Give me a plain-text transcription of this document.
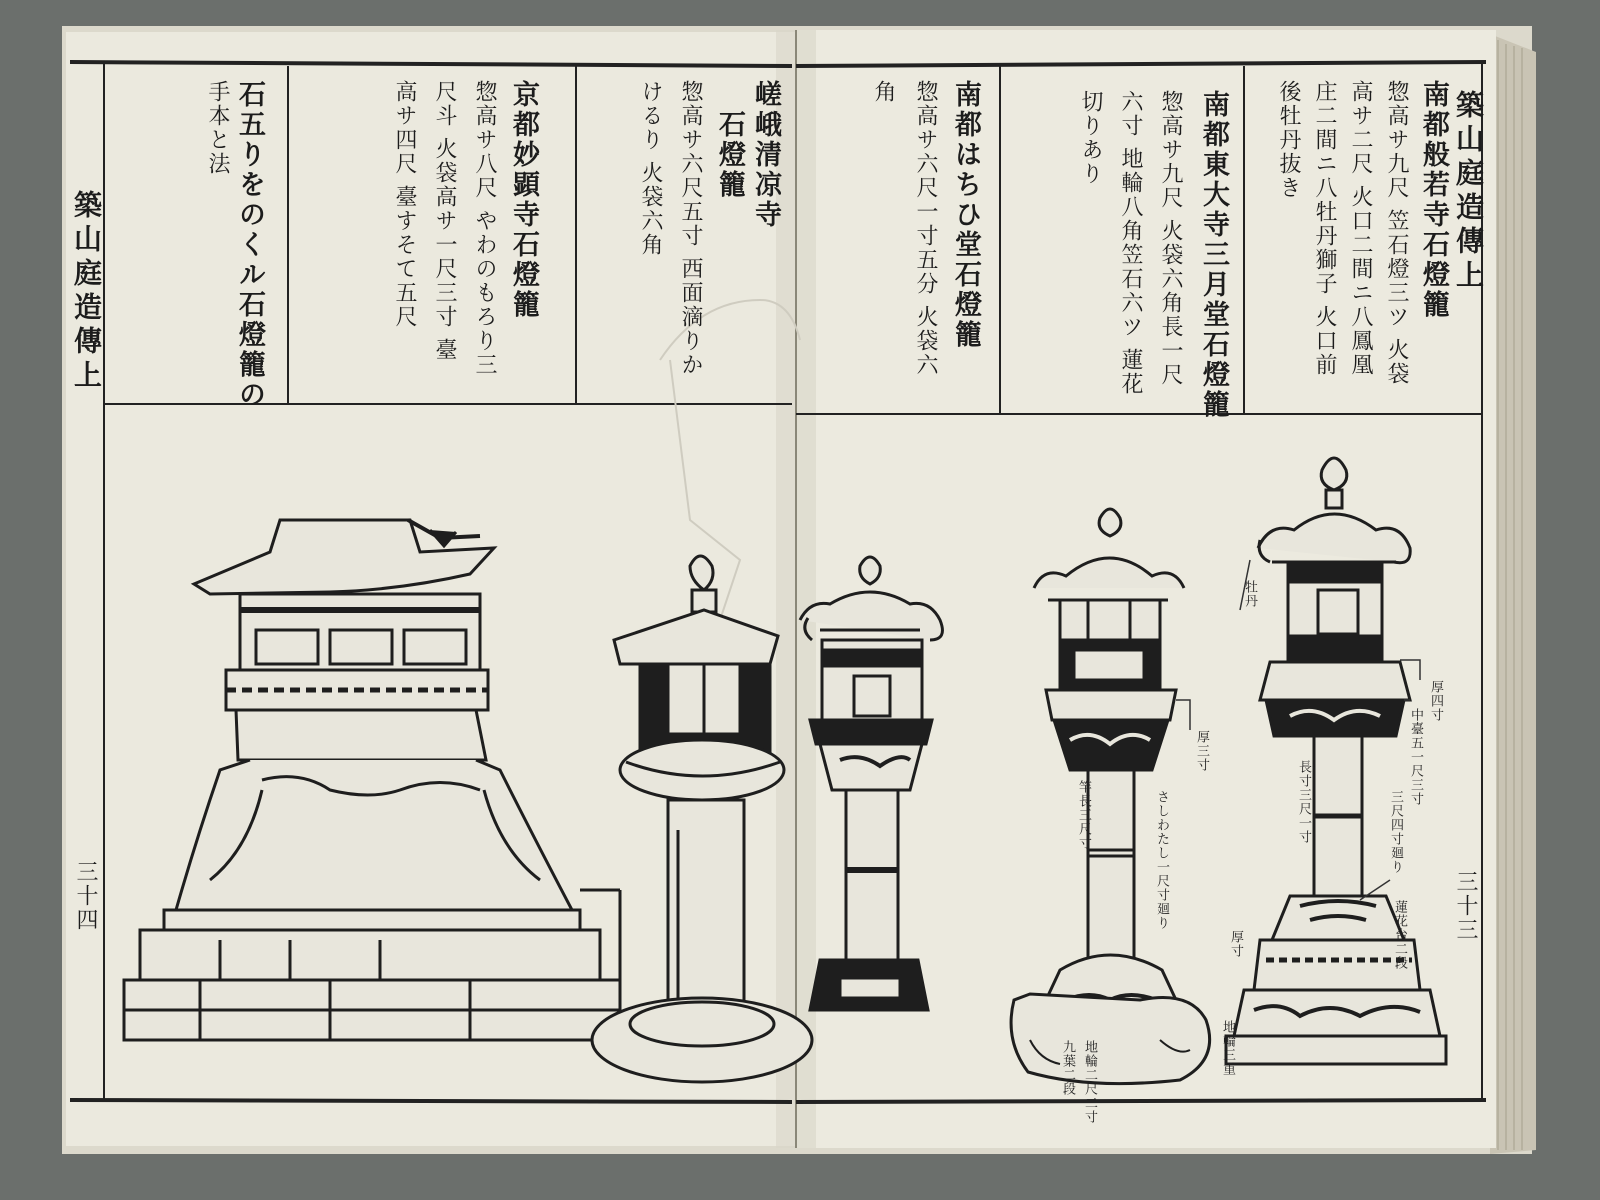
築山庭造傳上
三十四
築山庭造傳上
三十三
石五りをのくル石燈籠の
手本と法	京都妙顕寺石燈籠
惣高サ八尺 やわのもろり三尺斗 火袋高サ一尺三寸 臺高サ四尺 臺すそて五尺	石燈籠
惣高サ六尺五寸 西面滴りかけるり 火袋六角	嵯峨清凉寺	南都般若寺石燈籠
惣高サ九尺 笠石燈三ツ 火袋高サ二尺 火口二間ニ八鳳凰 庄二間ニ八牡丹獅子 火口前後牡丹抜き
南都東大寺三月堂石燈籠
惣高サ九尺 火袋六角長一尺六寸 地輪八角笠石六ツ 蓮花切りあり
南都はちひ堂石燈籠
惣高サ六尺一寸五分 火袋六角
厚三寸
竿長三尺寸	さしわたし一尺寸廻り
地輪二尺二寸
九葉二段
厚四寸
中臺五一尺三寸
長寸三尺一寸	三尺四寸廻り
蓮花台二段
厚寸
地輪三重
牡丹
